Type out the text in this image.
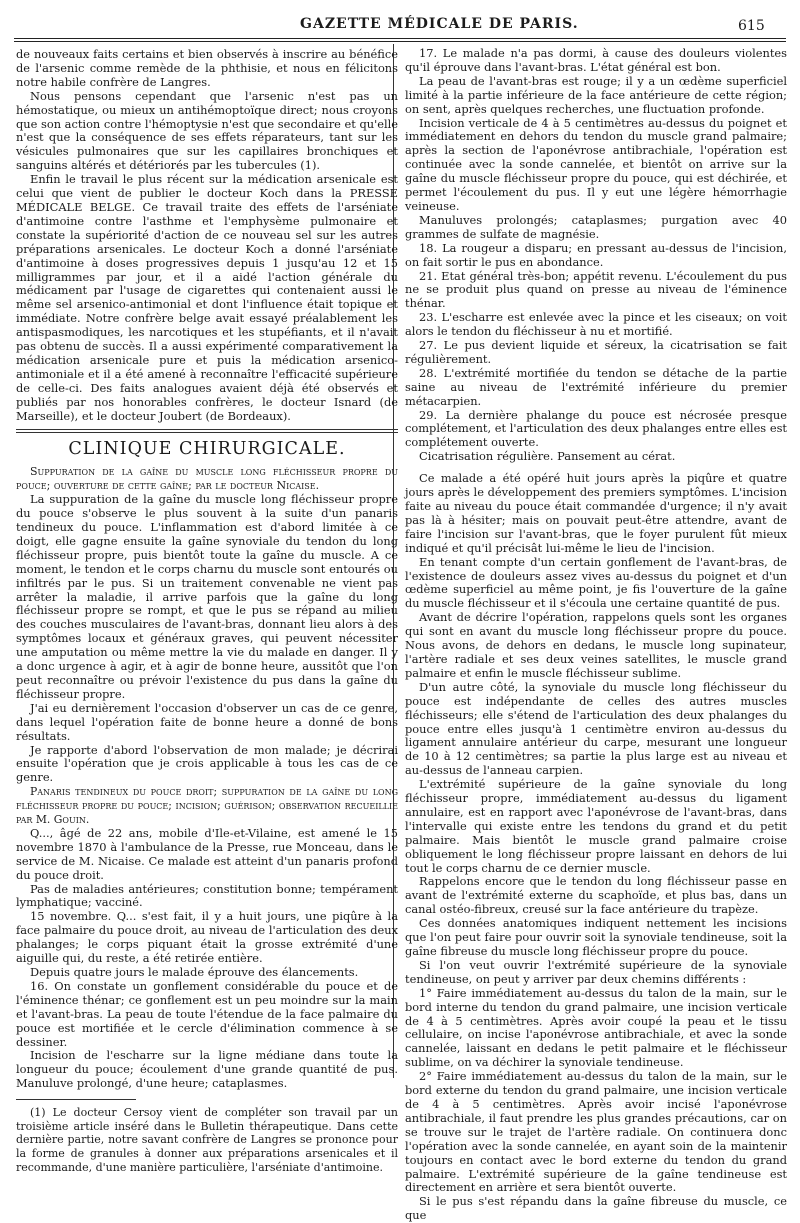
GAZETTE MÉDICALE DE PARIS.	615

de nouveaux faits certains et bien observés à inscrire au bénéfice de l'arsenic comme remède de la phthisie, et nous en félicitons notre habile confrère de Langres.

Nous pensons cependant que l'arsenic n'est pas un hémostatique, ou mieux un antihémoptoïque direct; nous croyons que son action contre l'hémoptysie n'est que secondaire et qu'elle n'est que la conséquence de ses effets réparateurs, tant sur les vésicules pulmonaires que sur les capillaires bronchiques et sanguins altérés et détériorés par les tubercules (1).

Enfin le travail le plus récent sur la médication arsenicale est celui que vient de publier le docteur Koch dans la PRESSE MÉDICALE BELGE. Ce travail traite des effets de l'arséniate d'antimoine contre l'asthme et l'emphysème pulmonaire et constate la supériorité d'action de ce nouveau sel sur les autres préparations arsenicales. Le docteur Koch a donné l'arséniate d'antimoine à doses progressives depuis 1 jusqu'au 12 et 15 milligrammes par jour, et il a aidé l'action générale du médicament par l'usage de cigarettes qui contenaient aussi le même sel arsenico-antimonial et dont l'influence était topique et immédiate. Notre confrère belge avait essayé préalablement les antispasmodiques, les narcotiques et les stupéfiants, et il n'avait pas obtenu de succès. Il a aussi expérimenté comparativement la médication arsenicale pure et puis la médication arsenico-antimoniale et il a été amené à reconnaître l'efficacité supérieure de celle-ci. Des faits analogues avaient déjà été observés et publiés par nos honorables confrères, le docteur Isnard (de Marseille), et le docteur Joubert (de Bordeaux).

CLINIQUE CHIRURGICALE.

Suppuration de la gaîne du muscle long fléchisseur propre du pouce; ouverture de cette gaîne; par le docteur Nicaise.

La suppuration de la gaîne du muscle long fléchisseur propre du pouce s'observe le plus souvent à la suite d'un panaris tendineux du pouce. L'inflammation est d'abord limitée à ce doigt, elle gagne ensuite la gaîne synoviale du tendon du long fléchisseur propre, puis bientôt toute la gaîne du muscle. A ce moment, le tendon et le corps charnu du muscle sont entourés ou infiltrés par le pus. Si un traitement convenable ne vient pas arrêter la maladie, il arrive parfois que la gaîne du long fléchisseur propre se rompt, et que le pus se répand au milieu des couches musculaires de l'avant-bras, donnant lieu alors à des symptômes locaux et généraux graves, qui peuvent nécessiter une amputation ou même mettre la vie du malade en danger. Il y a donc urgence à agir, et à agir de bonne heure, aussitôt que l'on peut reconnaître ou prévoir l'existence du pus dans la gaîne du fléchisseur propre.

J'ai eu dernièrement l'occasion d'observer un cas de ce genre, dans lequel l'opération faite de bonne heure a donné de bons résultats.

Je rapporte d'abord l'observation de mon malade; je décrirai ensuite l'opération que je crois applicable à tous les cas de ce genre.

Panaris tendineux du pouce droit; suppuration de la gaîne du long fléchisseur propre du pouce; incision; guérison; observation recueillie par M. Gouin.

Q..., âgé de 22 ans, mobile d'Ile-et-Vilaine, est amené le 15 novembre 1870 à l'ambulance de la Presse, rue Monceau, dans le service de M. Nicaise. Ce malade est atteint d'un panaris profond du pouce droit.

Pas de maladies antérieures; constitution bonne; tempérament lymphatique; vacciné.

15 novembre. Q... s'est fait, il y a huit jours, une piqûre à la face palmaire du pouce droit, au niveau de l'articulation des deux phalanges; le corps piquant était la grosse extrémité d'une aiguille qui, du reste, a été retirée entière.

Depuis quatre jours le malade éprouve des élancements.

16. On constate un gonflement considérable du pouce et de l'éminence thénar; ce gonflement est un peu moindre sur la main et l'avant-bras. La peau de toute l'étendue de la face palmaire du pouce est mortifiée et le cercle d'élimination commence à se dessiner.

Incision de l'escharre sur la ligne médiane dans toute la longueur du pouce; écoulement d'une grande quantité de pus. Manuluve prolongé, d'une heure; cataplasmes.

(1) Le docteur Cersoy vient de compléter son travail par un troisième article inséré dans le Bulletin thérapeutique. Dans cette dernière partie, notre savant confrère de Langres se prononce pour la forme de granules à donner aux préparations arsenicales et il recommande, d'une manière particulière, l'arséniate d'antimoine.

17. Le malade n'a pas dormi, à cause des douleurs violentes qu'il éprouve dans l'avant-bras. L'état général est bon.

La peau de l'avant-bras est rouge; il y a un œdème superficiel limité à la partie inférieure de la face antérieure de cette région; on sent, après quelques recherches, une fluctuation profonde.

Incision verticale de 4 à 5 centimètres au-dessus du poignet et immédiatement en dehors du tendon du muscle grand palmaire; après la section de l'aponévrose antibrachiale, l'opération est continuée avec la sonde cannelée, et bientôt on arrive sur la gaîne du muscle fléchisseur propre du pouce, qui est déchirée, et permet l'écoulement du pus. Il y eut une légère hémorrhagie veineuse.

Manuluves prolongés; cataplasmes; purgation avec 40 grammes de sulfate de magnésie.

18. La rougeur a disparu; en pressant au-dessus de l'incision, on fait sortir le pus en abondance.

21. Etat général très-bon; appétit revenu. L'écoulement du pus ne se produit plus quand on presse au niveau de l'éminence thénar.

23. L'escharre est enlevée avec la pince et les ciseaux; on voit alors le tendon du fléchisseur à nu et mortifié.

27. Le pus devient liquide et séreux, la cicatrisation se fait régulièrement.

28. L'extrémité mortifiée du tendon se détache de la partie saine au niveau de l'extrémité inférieure du premier métacarpien.

29. La dernière phalange du pouce est nécrosée presque complétement, et l'articulation des deux phalanges entre elles est complétement ouverte.

Cicatrisation régulière. Pansement au cérat.

Ce malade a été opéré huit jours après la piqûre et quatre jours après le développement des premiers symptômes. L'incision faite au niveau du pouce était commandée d'urgence; il n'y avait pas là à hésiter; mais on pouvait peut-être attendre, avant de faire l'incision sur l'avant-bras, que le foyer purulent fût mieux indiqué et qu'il précisât lui-même le lieu de l'incision.

En tenant compte d'un certain gonflement de l'avant-bras, de l'existence de douleurs assez vives au-dessus du poignet et d'un œdème superficiel au même point, je fis l'ouverture de la gaîne du muscle fléchisseur et il s'écoula une certaine quantité de pus.

Avant de décrire l'opération, rappelons quels sont les organes qui sont en avant du muscle long fléchisseur propre du pouce. Nous avons, de dehors en dedans, le muscle long supinateur, l'artère radiale et ses deux veines satellites, le muscle grand palmaire et enfin le muscle fléchisseur sublime.

D'un autre côté, la synoviale du muscle long fléchisseur du pouce est indépendante de celles des autres muscles fléchisseurs; elle s'étend de l'articulation des deux phalanges du pouce entre elles jusqu'à 1 centimètre environ au-dessus du ligament annulaire antérieur du carpe, mesurant une longueur de 10 à 12 centimètres; sa partie la plus large est au niveau et au-dessus de l'anneau carpien.

L'extrémité supérieure de la gaîne synoviale du long fléchisseur propre, immédiatement au-dessus du ligament annulaire, est en rapport avec l'aponévrose de l'avant-bras, dans l'intervalle qui existe entre les tendons du grand et du petit palmaire. Mais bientôt le muscle grand palmaire croise obliquement le long fléchisseur propre laissant en dehors de lui tout le corps charnu de ce dernier muscle.

Rappelons encore que le tendon du long fléchisseur passe en avant de l'extrémité externe du scaphoïde, et plus bas, dans un canal ostéo-fibreux, creusé sur la face antérieure du trapèze.

Ces données anatomiques indiquent nettement les incisions que l'on peut faire pour ouvrir soit la synoviale tendineuse, soit la gaîne fibreuse du muscle long fléchisseur propre du pouce.

Si l'on veut ouvrir l'extrémité supérieure de la synoviale tendineuse, on peut y arriver par deux chemins différents :

1° Faire immédiatement au-dessus du talon de la main, sur le bord interne du tendon du grand palmaire, une incision verticale de 4 à 5 centimètres. Après avoir coupé la peau et le tissu cellulaire, on incise l'aponévrose antibrachiale, et avec la sonde cannelée, laissant en dedans le petit palmaire et le fléchisseur sublime, on va déchirer la synoviale tendineuse.

2° Faire immédiatement au-dessus du talon de la main, sur le bord externe du tendon du grand palmaire, une incision verticale de 4 à 5 centimètres. Après avoir incisé l'aponévrose antibrachiale, il faut prendre les plus grandes précautions, car on se trouve sur le trajet de l'artère radiale. On continuera donc l'opération avec la sonde cannelée, en ayant soin de la maintenir toujours en contact avec le bord externe du tendon du grand palmaire. L'extrémité supérieure de la gaîne tendineuse est directement en arrière et sera bientôt ouverte.

Si le pus s'est répandu dans la gaîne fibreuse du muscle, ce que
